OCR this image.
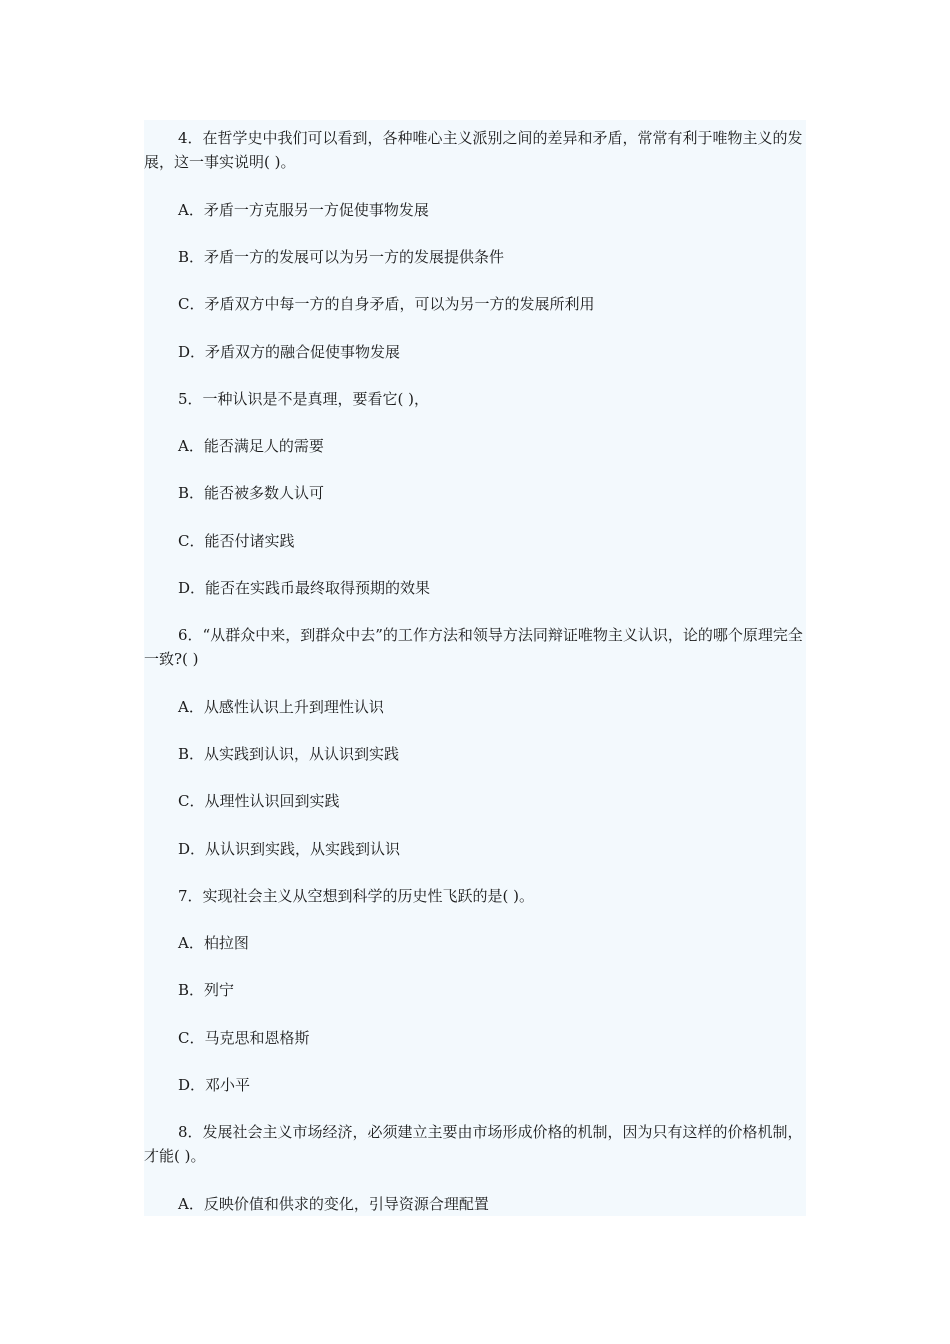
4．在哲学史中我们可以看到，各种唯心主义派别之间的差异和矛盾，常常有利于唯物主义的发展，这一事实说明( )。

A．矛盾一方克服另一方促使事物发展

B．矛盾一方的发展可以为另一方的发展提供条件

C．矛盾双方中每一方的自身矛盾，可以为另一方的发展所利用

D．矛盾双方的融合促使事物发展

5．一种认识是不是真理，要看它( )，

A．能否满足人的需要

B．能否被多数人认可

C．能否付诸实践

D．能否在实践币最终取得预期的效果

6．“从群众中来，到群众中去”的工作方法和领导方法同辩证唯物主义认识，论的哪个原理完全一致?( )

A．从感性认识上升到理性认识

B．从实践到认识，从认识到实践

C．从理性认识回到实践

D．从认识到实践，从实践到认识

7．实现社会主义从空想到科学的历史性飞跃的是( )。

A．柏拉图

B．列宁

C．马克思和恩格斯

D．邓小平

8．发展社会主义市场经济，必须建立主要由市场形成价格的机制，因为只有这样的价格机制，才能( )。

A．反映价值和供求的变化，引导资源合理配置
